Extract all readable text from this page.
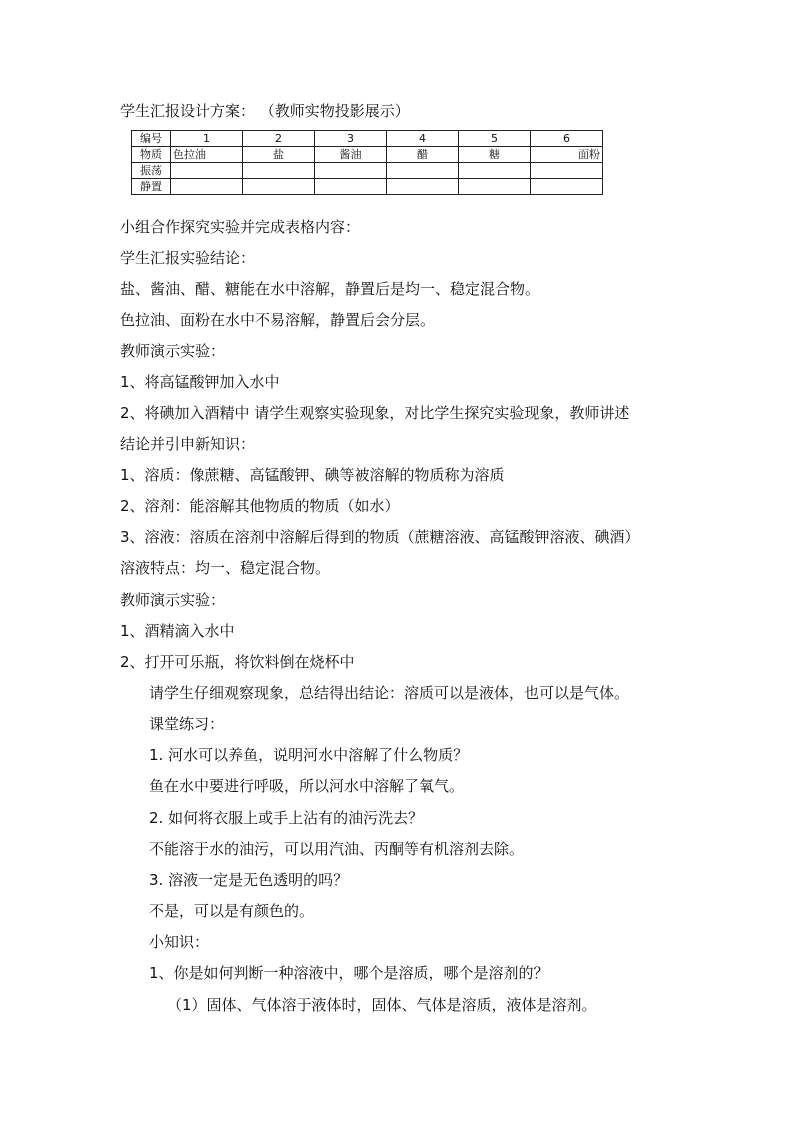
学生汇报设计方案： （教师实物投影展示）
编号	1	2	3	4	5	6
物质	色拉油	盐	酱油	醋	糖	面粉
振荡						
静置						
小组合作探究实验并完成表格内容：
学生汇报实验结论：
盐、酱油、醋、糖能在水中溶解，静置后是均一、稳定混合物。
色拉油、面粉在水中不易溶解，静置后会分层。
教师演示实验：
1、将高锰酸钾加入水中
2、将碘加入酒精中 请学生观察实验现象，对比学生探究实验现象，教师讲述
结论并引申新知识：
1、溶质：像蔗糖、高锰酸钾、碘等被溶解的物质称为溶质
2、溶剂：能溶解其他物质的物质（如水）
3、溶液：溶质在溶剂中溶解后得到的物质（蔗糖溶液、高锰酸钾溶液、碘酒）
溶液特点：均一、稳定混合物。
教师演示实验：
1、酒精滴入水中
2、打开可乐瓶，将饮料倒在烧杯中
请学生仔细观察现象，总结得出结论：溶质可以是液体，也可以是气体。
课堂练习：
1. 河水可以养鱼，说明河水中溶解了什么物质？
鱼在水中要进行呼吸，所以河水中溶解了氧气。
2. 如何将衣服上或手上沾有的油污洗去？
不能溶于水的油污，可以用汽油、丙酮等有机溶剂去除。
3. 溶液一定是无色透明的吗？
不是，可以是有颜色的。
小知识：
1、你是如何判断一种溶液中，哪个是溶质，哪个是溶剂的？
（1）固体、气体溶于液体时，固体、气体是溶质，液体是溶剂。
